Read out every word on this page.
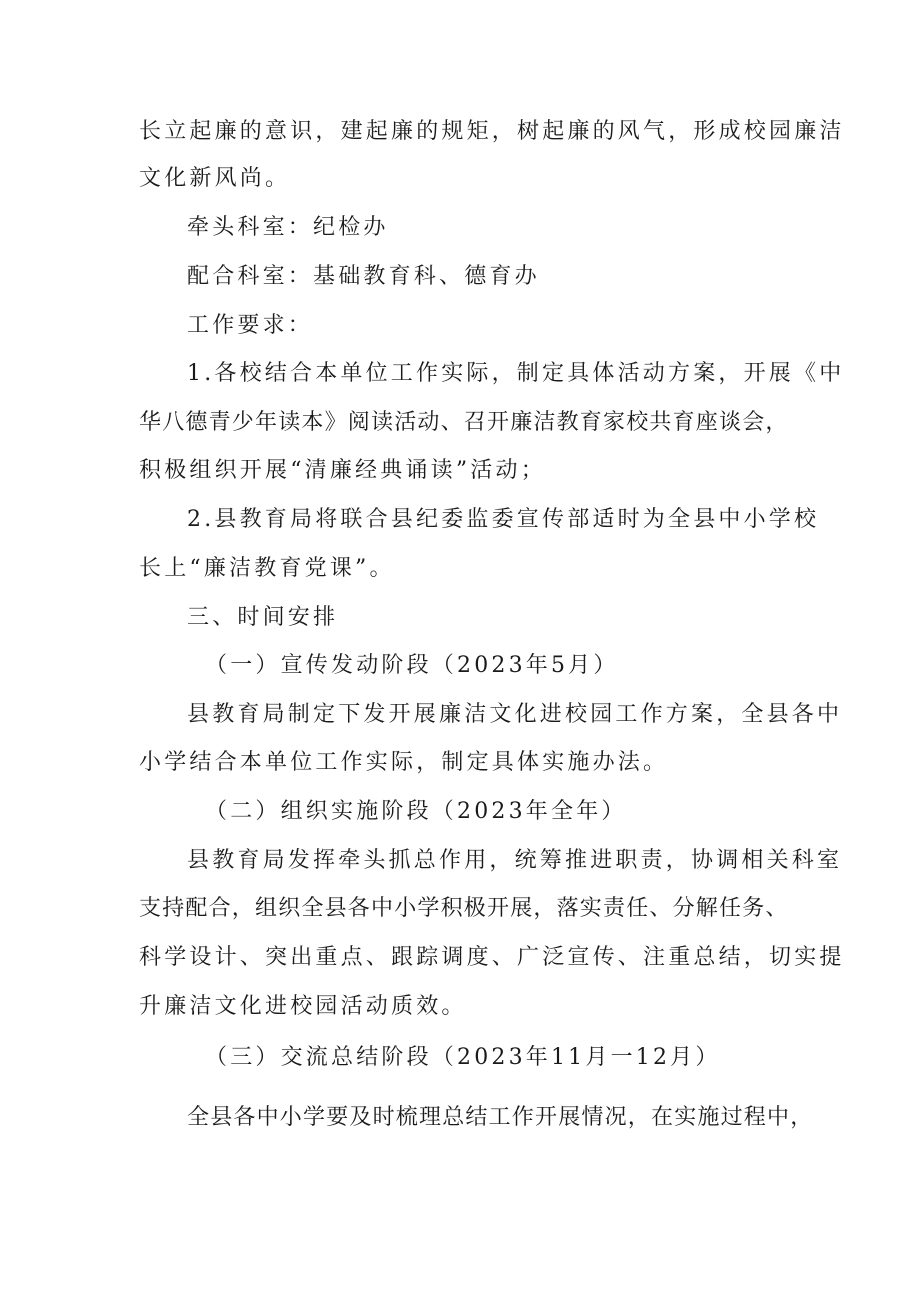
长立起廉的意识，建起廉的规矩，树起廉的风气，形成校园廉洁
文化新风尚。
牵头科室：纪检办
配合科室：基础教育科、德育办
工作要求：
1.各校结合本单位工作实际，制定具体活动方案，开展《中
华八德青少年读本》阅读活动、召开廉洁教育家校共育座谈会，
积极组织开展“清廉经典诵读”活动；
2.县教育局将联合县纪委监委宣传部适时为全县中小学校
长上“廉洁教育党课”。
三、时间安排
（一）宣传发动阶段（2023年5月）
县教育局制定下发开展廉洁文化进校园工作方案，全县各中
小学结合本单位工作实际，制定具体实施办法。
（二）组织实施阶段（2023年全年）
县教育局发挥牵头抓总作用，统筹推进职责，协调相关科室
支持配合，组织全县各中小学积极开展，落实责任、分解任务、
科学设计、突出重点、跟踪调度、广泛宣传、注重总结，切实提
升廉洁文化进校园活动质效。
（三）交流总结阶段（2023年11月一12月）
全县各中小学要及时梳理总结工作开展情况，在实施过程中，
